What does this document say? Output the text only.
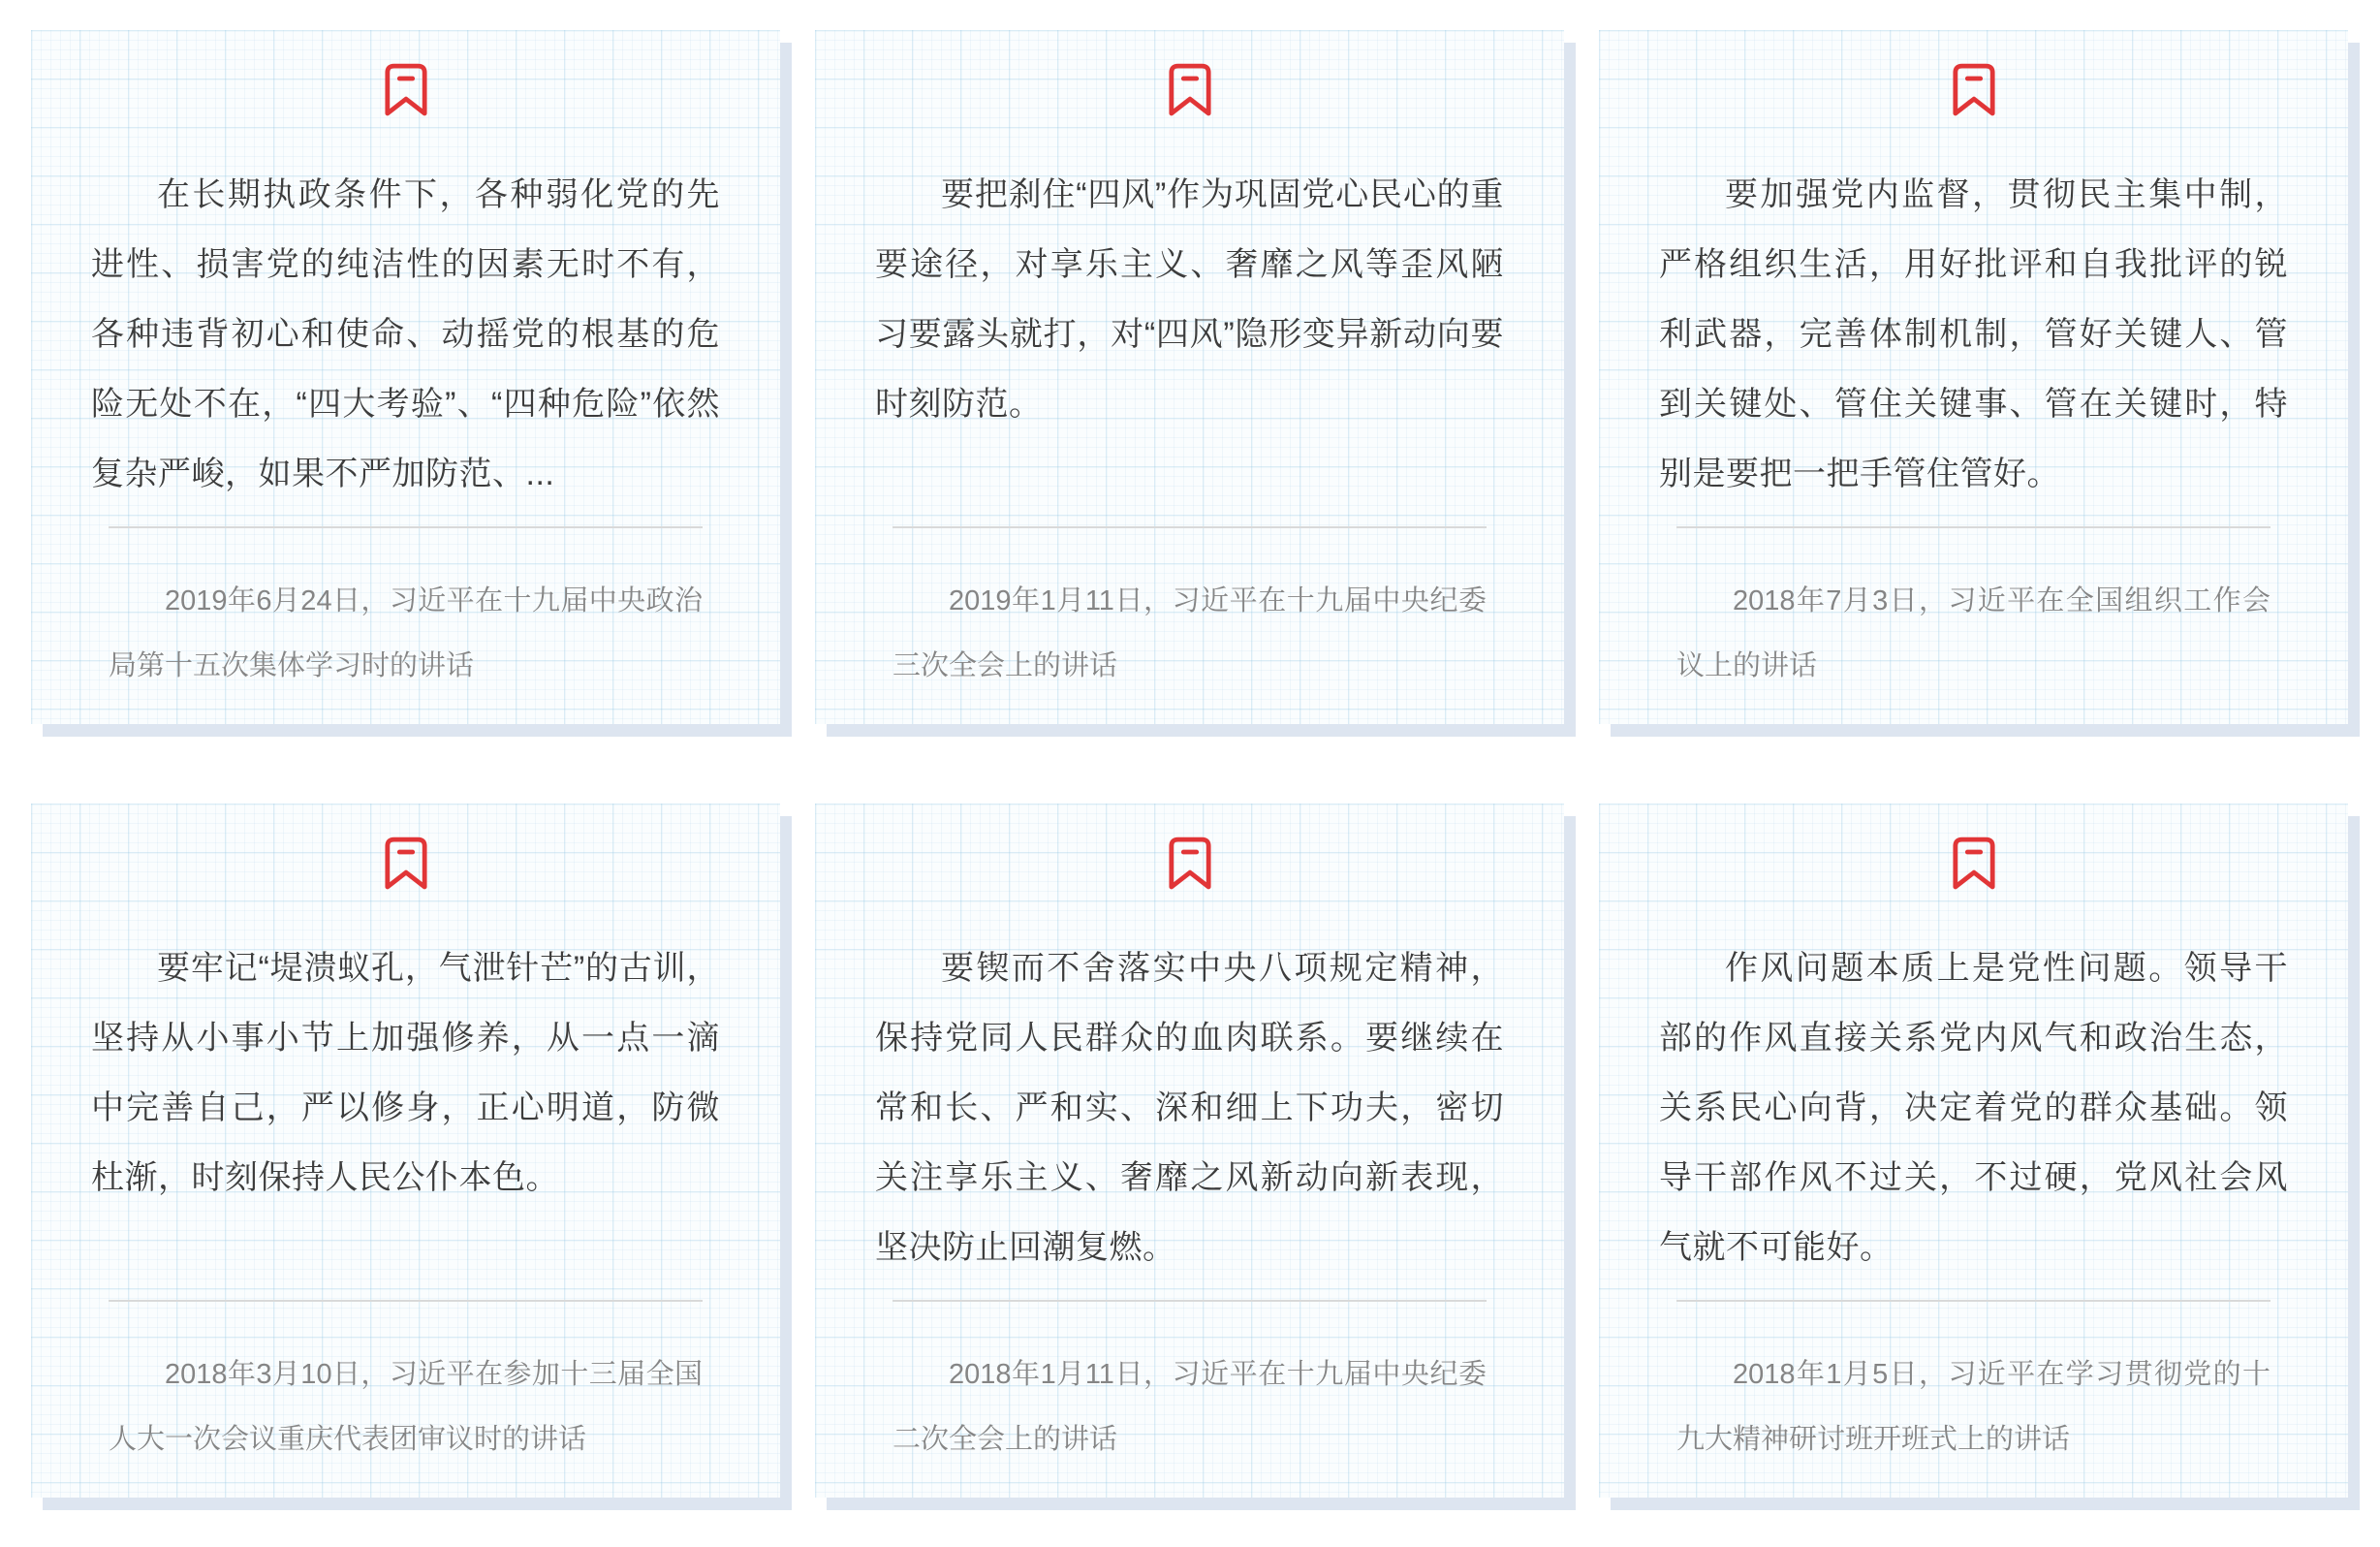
在长期执政条件下，各种弱化党的先进性、损害党的纯洁性的因素无时不有，各种违背初心和使命、动摇党的根基的危险无处不在，“四大考验”、“四种危险”依然复杂严峻，如果不严加防范、...

2019年6月24日，习近平在十九届中央政治局第十五次集体学习时的讲话

要把刹住“四风”作为巩固党心民心的重要途径，对享乐主义、奢靡之风等歪风陋习要露头就打，对“四风”隐形变异新动向要时刻防范。

2019年1月11日，习近平在十九届中央纪委三次全会上的讲话

要加强党内监督，贯彻民主集中制，严格组织生活，用好批评和自我批评的锐利武器，完善体制机制，管好关键人、管到关键处、管住关键事、管在关键时，特别是要把一把手管住管好。

2018年7月3日，习近平在全国组织工作会议上的讲话

要牢记“堤溃蚁孔，气泄针芒”的古训，坚持从小事小节上加强修养，从一点一滴中完善自己，严以修身，正心明道，防微杜渐，时刻保持人民公仆本色。

2018年3月10日，习近平在参加十三届全国人大一次会议重庆代表团审议时的讲话

要锲而不舍落实中央八项规定精神，保持党同人民群众的血肉联系。要继续在常和长、严和实、深和细上下功夫，密切关注享乐主义、奢靡之风新动向新表现，坚决防止回潮复燃。

2018年1月11日，习近平在十九届中央纪委二次全会上的讲话

作风问题本质上是党性问题。领导干部的作风直接关系党内风气和政治生态，关系民心向背，决定着党的群众基础。领导干部作风不过关，不过硬，党风社会风气就不可能好。

2018年1月5日，习近平在学习贯彻党的十九大精神研讨班开班式上的讲话
